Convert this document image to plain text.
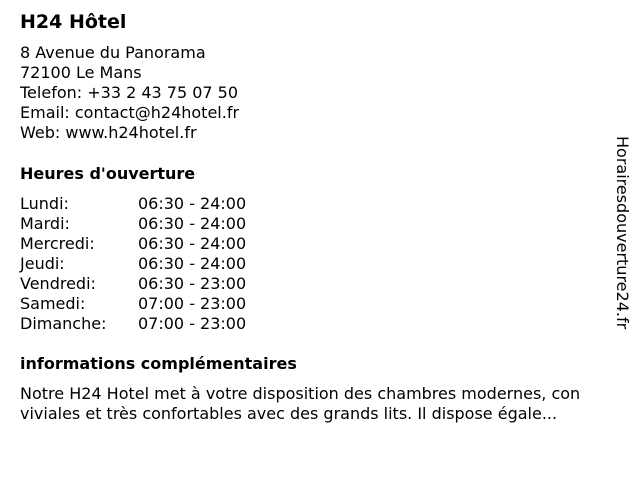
H24 Hôtel
8 Avenue du Panorama
72100 Le Mans
Telefon: +33 2 43 75 07 50
Email: contact@h24hotel.fr
Web: www.h24hotel.fr
Heures d'ouverture
Lundi:	06:30 - 24:00
Mardi:	06:30 - 24:00
Mercredi:	06:30 - 24:00
Jeudi:	06:30 - 24:00
Vendredi:	06:30 - 23:00
Samedi:	07:00 - 23:00
Dimanche:	07:00 - 23:00
informations complémentaires
Notre H24 Hotel met à votre disposition des chambres modernes, con
viviales et très confortables avec des grands lits. Il dispose égale...
Horairesdouverture24.fr
